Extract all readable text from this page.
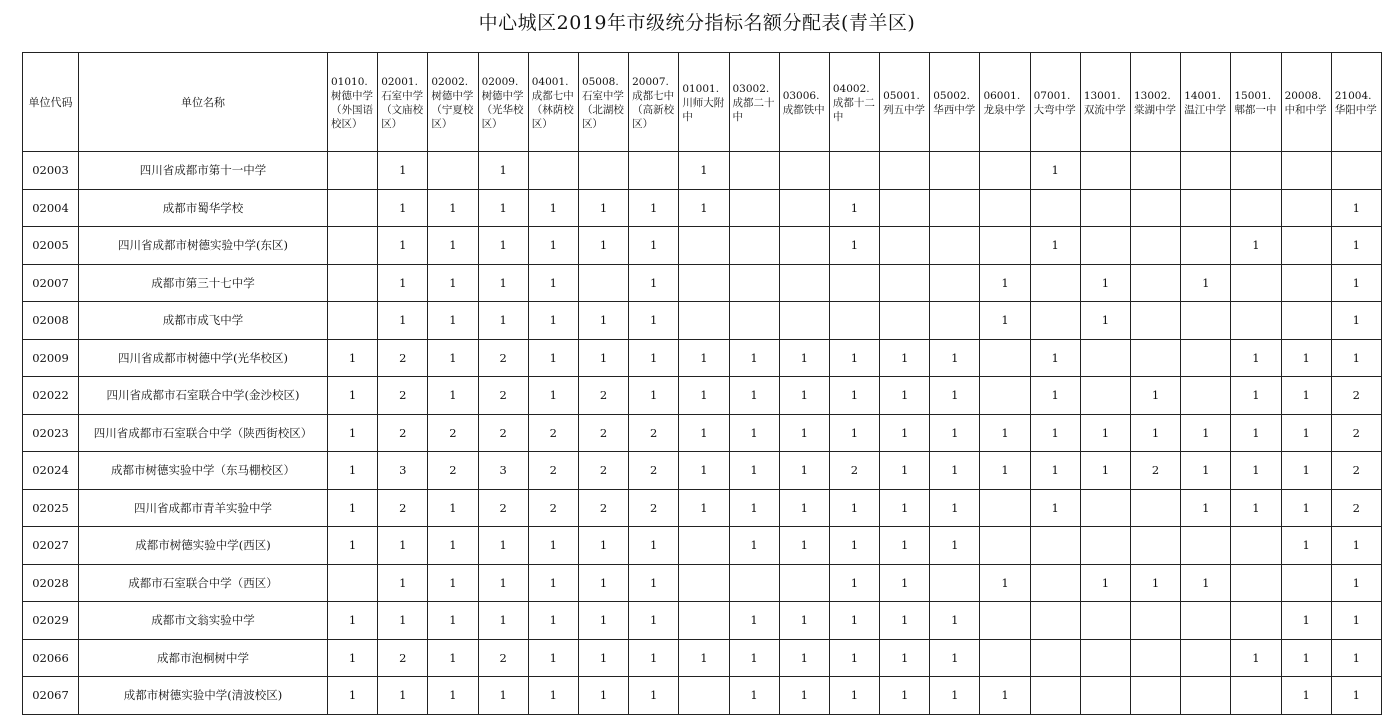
中心城区2019年市级统分指标名额分配表(青羊区)
单位代码	单位名称	01010.树德中学（外国语校区）	02001.石室中学（文庙校区）	02002.树德中学（宁夏校区）	02009.树德中学（光华校区）	04001.成都七中（林荫校区）	05008.石室中学（北湖校区）	20007.成都七中（高新校区）	01001.川师大附中	03002.成都二十中	03006.成都铁中	04002.成都十二中	05001.列五中学	05002.华西中学	06001.龙泉中学	07001.大弯中学	13001.双流中学	13002.棠湖中学	14001.温江中学	15001.郫都一中	20008.中和中学	21004.华阳中学
02003	四川省成都市第十一中学		1		1				1							1						
02004	成都市蜀华学校		1	1	1	1	1	1	1			1										1
02005	四川省成都市树德实验中学(东区)		1	1	1	1	1	1				1				1				1		1
02007	成都市第三十七中学		1	1	1	1		1							1		1		1			1
02008	成都市成飞中学		1	1	1	1	1	1							1		1					1
02009	四川省成都市树德中学(光华校区)	1	2	1	2	1	1	1	1	1	1	1	1	1		1				1	1	1
02022	四川省成都市石室联合中学(金沙校区)	1	2	1	2	1	2	1	1	1	1	1	1	1		1		1		1	1	2
02023	四川省成都市石室联合中学（陕西街校区）	1	2	2	2	2	2	2	1	1	1	1	1	1	1	1	1	1	1	1	1	2
02024	成都市树德实验中学（东马棚校区）	1	3	2	3	2	2	2	1	1	1	2	1	1	1	1	1	2	1	1	1	2
02025	四川省成都市青羊实验中学	1	2	1	2	2	2	2	1	1	1	1	1	1		1			1	1	1	2
02027	成都市树德实验中学(西区)	1	1	1	1	1	1	1		1	1	1	1	1							1	1
02028	成都市石室联合中学（西区）		1	1	1	1	1	1				1	1		1		1	1	1			1
02029	成都市文翁实验中学	1	1	1	1	1	1	1		1	1	1	1	1							1	1
02066	成都市泡桐树中学	1	2	1	2	1	1	1	1	1	1	1	1	1						1	1	1
02067	成都市树德实验中学(清波校区)	1	1	1	1	1	1	1		1	1	1	1	1	1						1	1
